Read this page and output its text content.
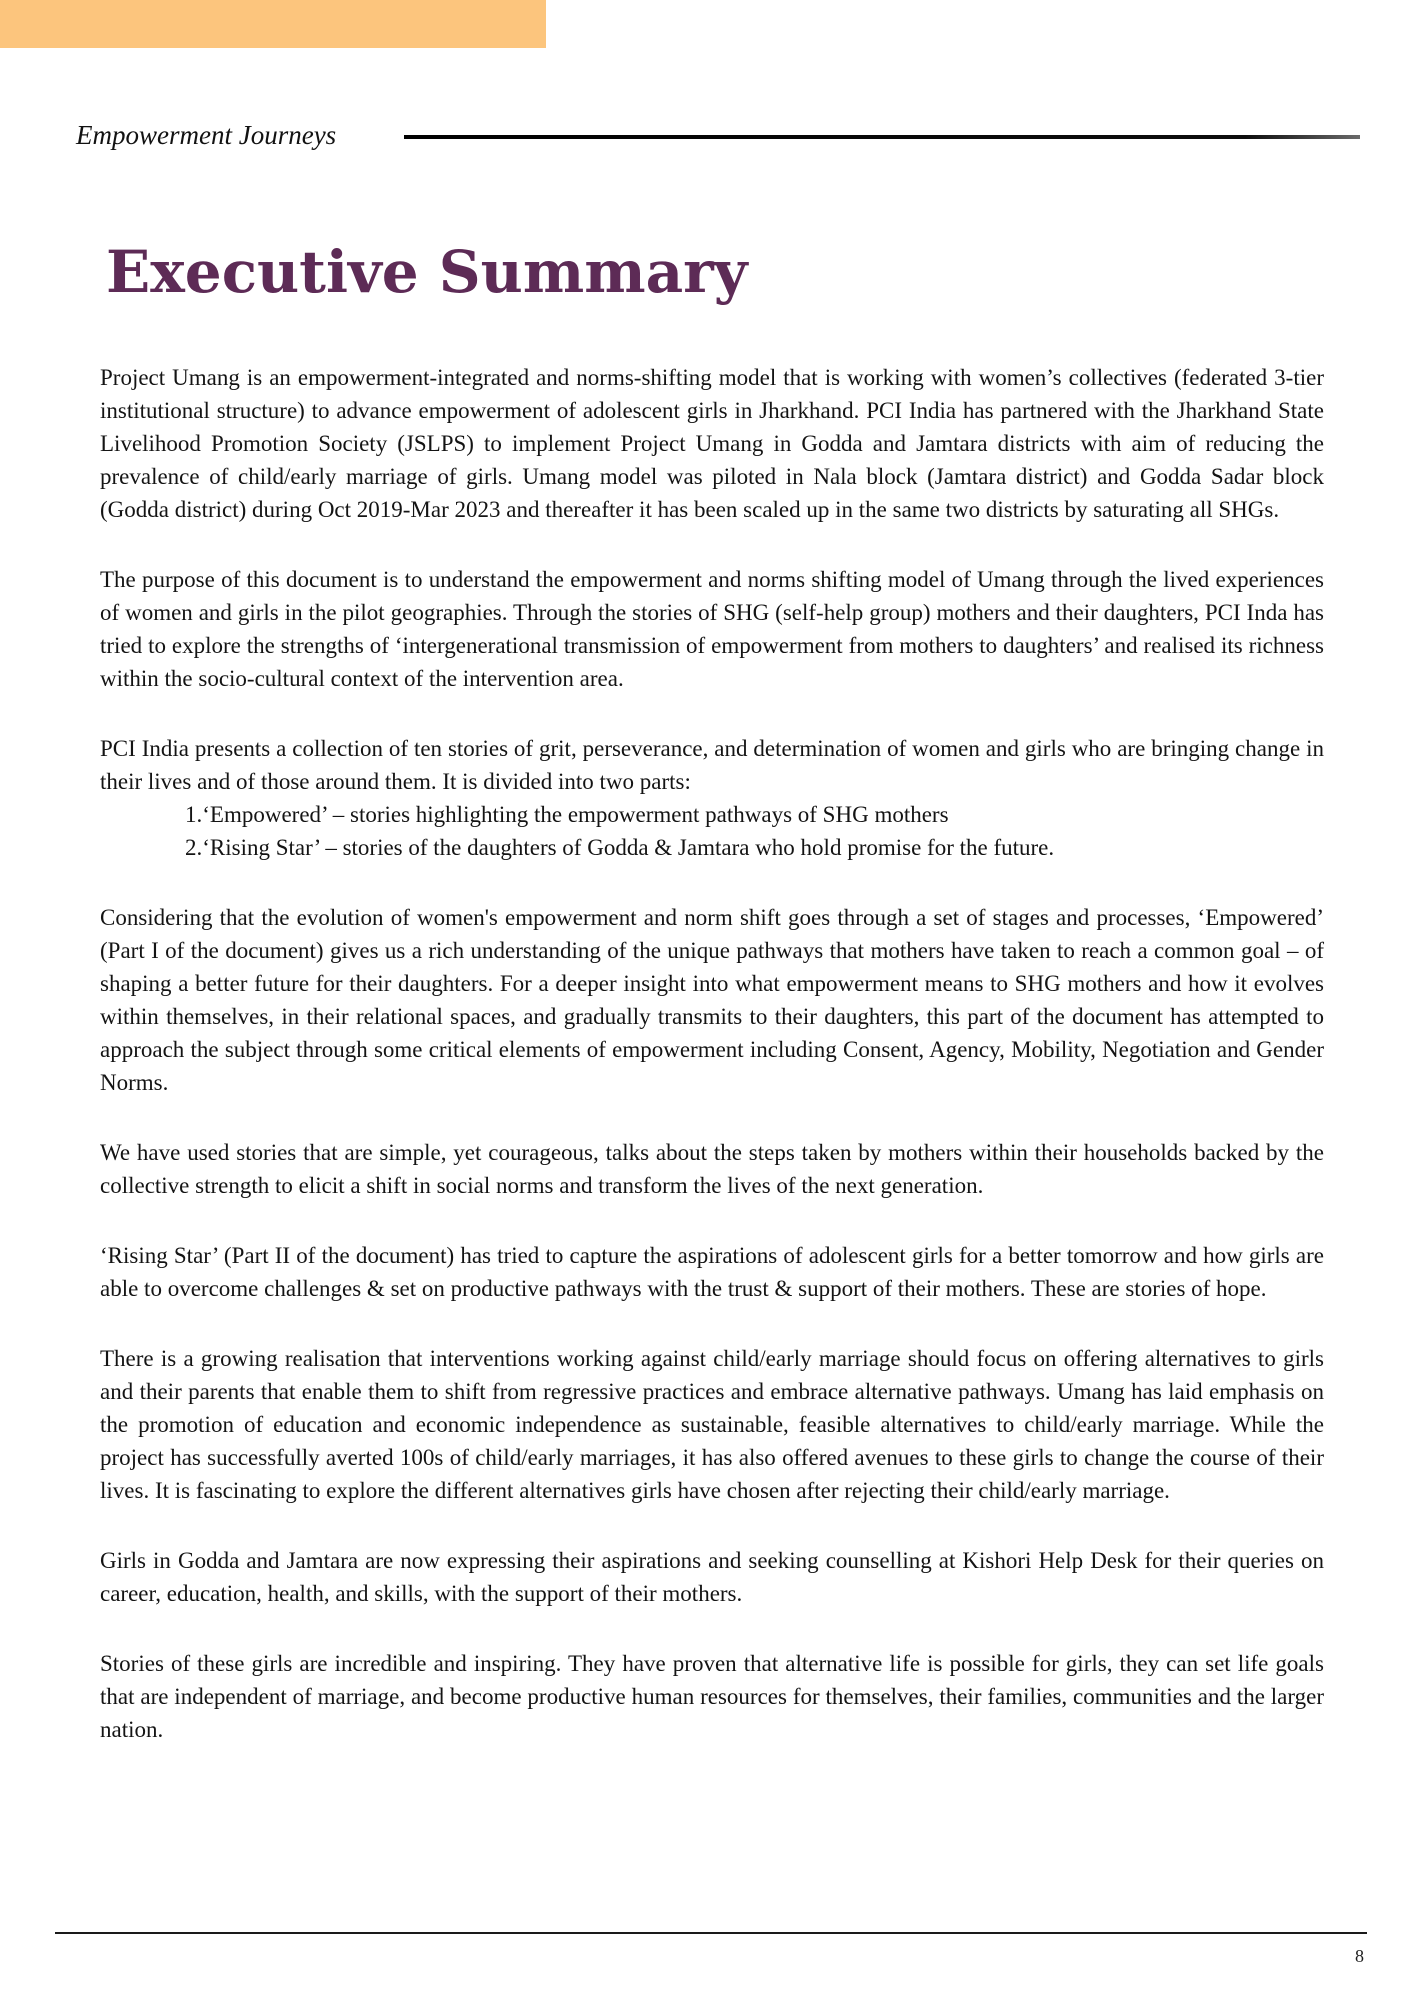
Empowerment Journeys
Executive Summary

Project Umang is an empowerment-integrated and norms-shifting model that is working with women’s collectives (federated 3-tier institutional structure) to advance empowerment of adolescent girls in Jharkhand. PCI India has partnered with the Jharkhand State Livelihood Promotion Society (JSLPS) to implement Project Umang in Godda and Jamtara districts with aim of reducing the prevalence of child/early marriage of girls. Umang model was piloted in Nala block (Jamtara district) and Godda Sadar block (Godda district) during Oct 2019-Mar 2023 and thereafter it has been scaled up in the same two districts by saturating all SHGs.

The purpose of this document is to understand the empowerment and norms shifting model of Umang through the lived experiences of women and girls in the pilot geographies. Through the stories of SHG (self-help group) mothers and their daughters, PCI Inda has tried to explore the strengths of ‘intergenerational transmission of empowerment from mothers to daughters’ and realised its richness within the socio-cultural context of the intervention area.

PCI India presents a collection of ten stories of grit, perseverance, and determination of women and girls who are bringing change in their lives and of those around them. It is divided into two parts:

1.‘Empowered’ – stories highlighting the empowerment pathways of SHG mothers
2.‘Rising Star’ – stories of the daughters of Godda & Jamtara who hold promise for the future.

Considering that the evolution of women's empowerment and norm shift goes through a set of stages and processes, ‘Empowered’ (Part I of the document) gives us a rich understanding of the unique pathways that mothers have taken to reach a common goal – of shaping a better future for their daughters. For a deeper insight into what empowerment means to SHG mothers and how it evolves within themselves, in their relational spaces, and gradually transmits to their daughters, this part of the document has attempted to approach the subject through some critical elements of empowerment including Consent, Agency, Mobility, Negotiation and Gender Norms.

We have used stories that are simple, yet courageous, talks about the steps taken by mothers within their households backed by the collective strength to elicit a shift in social norms and transform the lives of the next generation.

‘Rising Star’ (Part II of the document) has tried to capture the aspirations of adolescent girls for a better tomorrow and how girls are able to overcome challenges & set on productive pathways with the trust & support of their mothers. These are stories of hope.

There is a growing realisation that interventions working against child/early marriage should focus on offering alternatives to girls and their parents that enable them to shift from regressive practices and embrace alternative pathways. Umang has laid emphasis on the promotion of education and economic independence as sustainable, feasible alternatives to child/early marriage. While the project has successfully averted 100s of child/early marriages, it has also offered avenues to these girls to change the course of their lives. It is fascinating to explore the different alternatives girls have chosen after rejecting their child/early marriage.

Girls in Godda and Jamtara are now expressing their aspirations and seeking counselling at Kishori Help Desk for their queries on career, education, health, and skills, with the support of their mothers.

Stories of these girls are incredible and inspiring. They have proven that alternative life is possible for girls, they can set life goals that are independent of marriage, and become productive human resources for themselves, their families, communities and the larger nation.

8
